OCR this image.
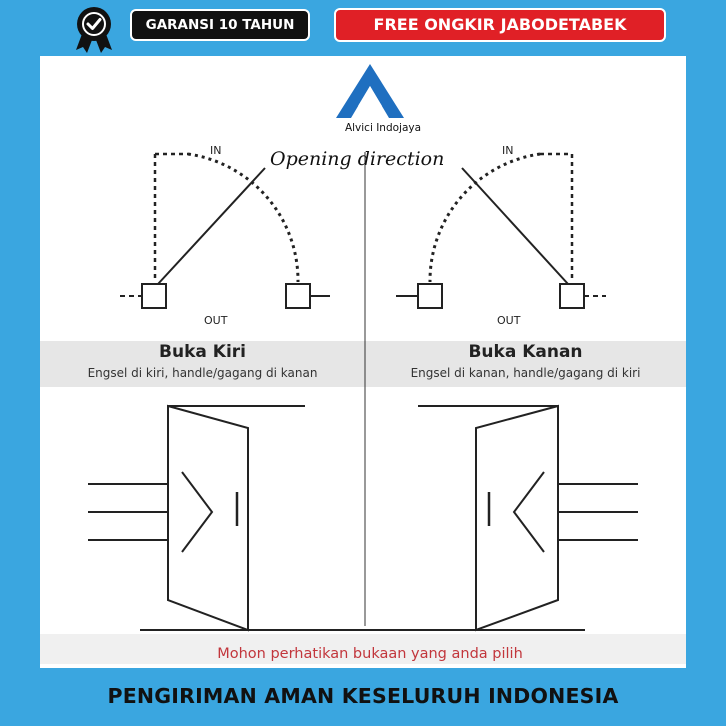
GARANSI 10 TAHUN	FREE ONGKIR JABODETABEK
Alvici Indojaya
Opening direction
IN
OUT
IN
OUT
Buka Kiri
Engsel di kiri, handle/gagang di kanan
Buka Kanan
Engsel di kanan, handle/gagang di kiri
Mohon perhatikan bukaan yang anda pilih
PENGIRIMAN AMAN KESELURUH INDONESIA
